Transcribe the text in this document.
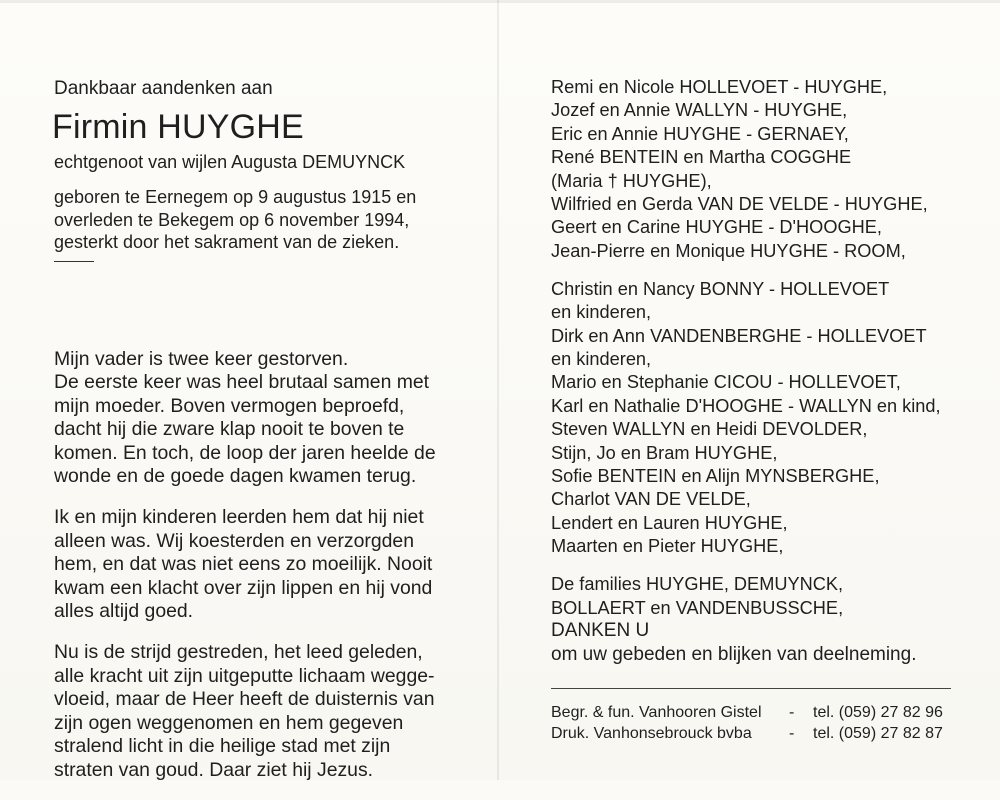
Dankbaar aandenken aan
Firmin HUYGHE
echtgenoot van wijlen Augusta DEMUYNCK
geboren te Eernegem op 9 augustus 1915 en
overleden te Bekegem op 6 november 1994,
gesterkt door het sakrament van de zieken.

Mijn vader is twee keer gestorven.
De eerste keer was heel brutaal samen met
mijn moeder. Boven vermogen beproefd,
dacht hij die zware klap nooit te boven te
komen. En toch, de loop der jaren heelde de
wonde en de goede dagen kwamen terug.

Ik en mijn kinderen leerden hem dat hij niet
alleen was. Wij koesterden en verzorgden
hem, en dat was niet eens zo moeilijk. Nooit
kwam een klacht over zijn lippen en hij vond
alles altijd goed.

Nu is de strijd gestreden, het leed geleden,
alle kracht uit zijn uitgeputte lichaam wegge-
vloeid, maar de Heer heeft de duisternis van
zijn ogen weggenomen en hem gegeven
stralend licht in die heilige stad met zijn
straten van goud. Daar ziet hij Jezus.

Remi en Nicole HOLLEVOET - HUYGHE,
Jozef en Annie WALLYN - HUYGHE,
Eric en Annie HUYGHE - GERNAEY,
René BENTEIN en Martha COGGHE
(Maria † HUYGHE),
Wilfried en Gerda VAN DE VELDE - HUYGHE,
Geert en Carine HUYGHE - D'HOOGHE,
Jean-Pierre en Monique HUYGHE - ROOM,
Christin en Nancy BONNY - HOLLEVOET
en kinderen,
Dirk en Ann VANDENBERGHE - HOLLEVOET
en kinderen,
Mario en Stephanie CICOU - HOLLEVOET,
Karl en Nathalie D'HOOGHE - WALLYN en kind,
Steven WALLYN en Heidi DEVOLDER,
Stijn, Jo en Bram HUYGHE,
Sofie BENTEIN en Alijn MYNSBERGHE,
Charlot VAN DE VELDE,
Lendert en Lauren HUYGHE,
Maarten en Pieter HUYGHE,
De families HUYGHE, DEMUYNCK,
BOLLAERT en VANDENBUSSCHE,
DANKEN U
om uw gebeden en blijken van deelneming.
Begr. & fun. Vanhooren Gistel	-	tel. (059) 27 82 96
Druk. Vanhonsebrouck bvba	-	tel. (059) 27 82 87
